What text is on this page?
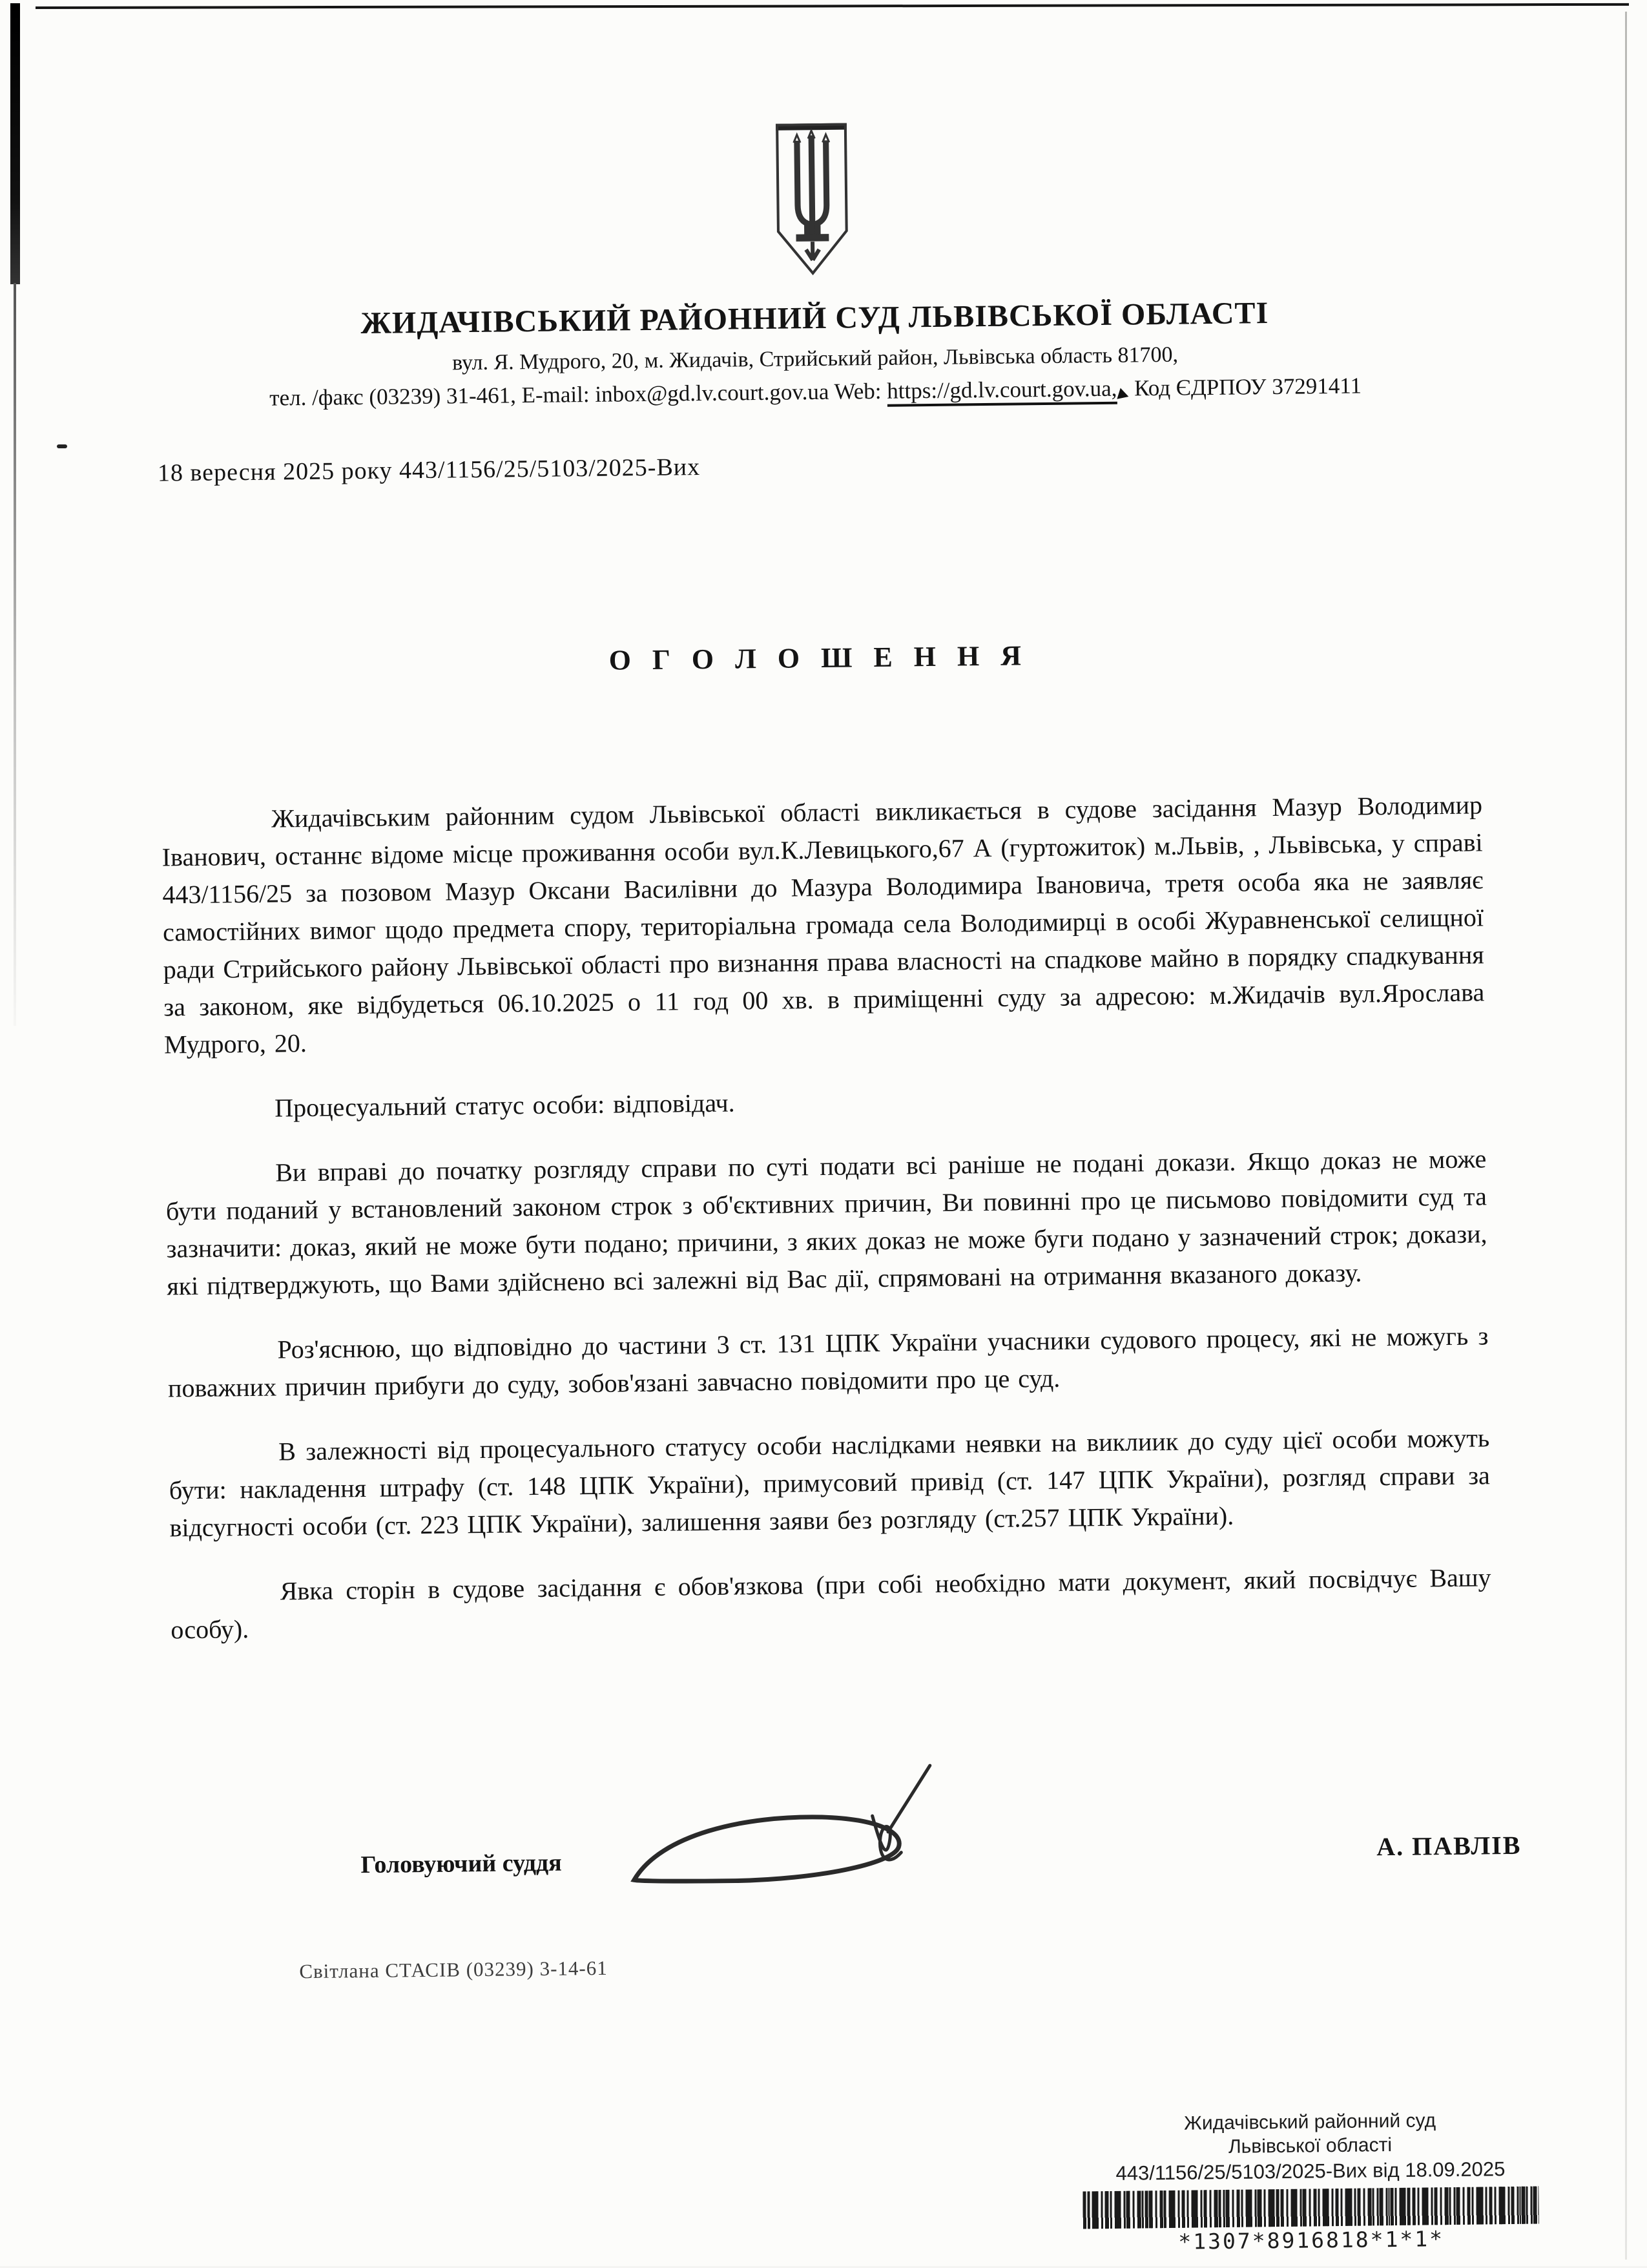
ЖИДАЧІВСЬКИЙ РАЙОННИЙ СУД ЛЬВІВСЬКОЇ ОБЛАСТІ
вул. Я. Мудрого, 20, м. Жидачів, Стрийський район, Львівська область 81700,
тел. /факс (03239) 31-461, E-mail: inbox@gd.lv.court.gov.ua Web: https://gd.lv.court.gov.ua, Код ЄДРПОУ 37291411
18 вересня 2025 року 443/1156/25/5103/2025-Вих
О Г О Л О Ш Е Н Н Я

Жидачівським районним судом Львівської області викликається в судове засідання Мазур Володимир Іванович, останнє відоме місце проживання особи вул.К.Левицького,67 А (гуртожиток) м.Львів, , Львівська, у справі 443/1156/25 за позовом Мазур Оксани Василівни до Мазура Володимира Івановича, третя особа яка не заявляє самостійних вимог щодо предмета спору, територіальна громада села Володимирці в особі Журавненської селищної ради Стрийського району Львівської області про визнання права власності на спадкове майно в порядку спадкування за законом, яке відбудеться 06.10.2025 о 11 год 00 хв. в приміщенні суду за адресою: м.Жидачів вул.Ярослава Мудрого, 20.

Процесуальний статус особи: відповідач.

Ви вправі до початку розгляду справи по суті подати всі раніше не подані докази. Якщо доказ не може бути поданий у встановлений законом строк з об'єктивних причин, Ви повинні про це письмово повідомити суд та зазначити: доказ, який не може бути подано; причини, з яких доказ не може буги подано у зазначений строк; докази, які підтверджують, що Вами здійснено всі залежні від Вас дії, спрямовані на отримання вказаного доказу.

Роз'яснюю, що відповідно до частини 3 ст. 131 ЦПК України учасники судового процесу, які не можугь з поважних причин прибуги до суду, зобов'язані завчасно повідомити про це суд.

В залежності від процесуального статусу особи наслідками неявки на виклиик до суду цієї особи можуть бути: накладення штрафу (ст. 148 ЦПК України), примусовий привід (ст. 147 ЦПК України), розгляд справи за відсугності особи (ст. 223 ЦПК України), залишення заяви без розгляду (ст.257 ЦПК України).

Явка сторін в судове засідання є обов'язкова (при собі необхідно мати документ, який посвідчує Вашу особу).

Головуючий суддя
А. ПАВЛІВ
Світлана СТАСІВ (03239) 3-14-61
Жидачівський районний суд
Львівської області
443/1156/25/5103/2025-Вих від 18.09.2025
*1307*8916818*1*1*
